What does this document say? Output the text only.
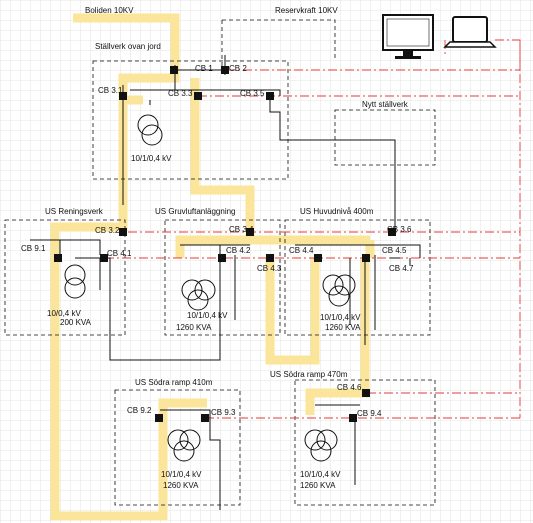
Boliden 10KV	Reservkraft 10KV
Ställverk ovan jord
Nytt ställverk
US Reningsverk	US Gruvluftanläggning	US Huvudnivå 400m
US Södra ramp 410m
US Södra ramp 470m
CB 1 CB 2
CB 3.1	CB 3.3	CB 3.5
CB 3.2	CB 3.4	CB 3.6
CB 9.1
CB 4.1	CB 4.2
CB 4.3
CB 4.4	CB 4.5
CB 4.7
CB 4.6
CB 9.2	CB 9.3	CB 9.4
10/1/0,4 kV
10/0,4 kV
200 KVA
10/1/0,4 kV
1260 KVA
10/1/0,4 kV
1260 KVA
10/1/0,4 kV
1260 KVA
10/1/0,4 kV
1260 KVA
